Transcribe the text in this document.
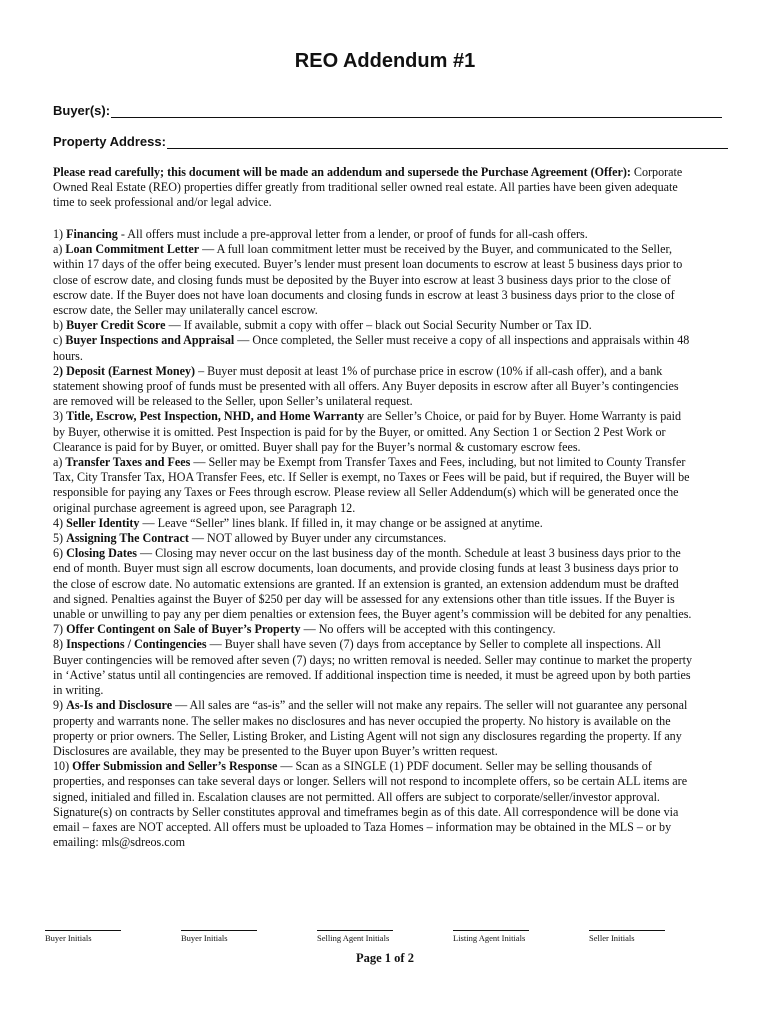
REO Addendum #1
Buyer(s):
Property Address:

Please read carefully; this document will be made an addendum and supersede the Purchase Agreement (Offer): Corporate Owned Real Estate (REO) properties differ greatly from traditional seller owned real estate. All parties have been given adequate time to seek professional and/or legal advice.

1) Financing - All offers must include a pre-approval letter from a lender, or proof of funds for all-cash offers.

a) Loan Commitment Letter — A full loan commitment letter must be received by the Buyer, and communicated to the Seller, within 17 days of the offer being executed. Buyer’s lender must present loan documents to escrow at least 5 business days prior to close of escrow date, and closing funds must be deposited by the Buyer into escrow at least 3 business days prior to the close of escrow date. If the Buyer does not have loan documents and closing funds in escrow at least 3 business days prior to the close of escrow date, the Seller may unilaterally cancel escrow.

b) Buyer Credit Score — If available, submit a copy with offer – black out Social Security Number or Tax ID.

c) Buyer Inspections and Appraisal — Once completed, the Seller must receive a copy of all inspections and appraisals within 48 hours.

2) Deposit (Earnest Money) – Buyer must deposit at least 1% of purchase price in escrow (10% if all-cash offer), and a bank statement showing proof of funds must be presented with all offers. Any Buyer deposits in escrow after all Buyer’s contingencies are removed will be released to the Seller, upon Seller’s unilateral request.

3) Title, Escrow, Pest Inspection, NHD, and Home Warranty are Seller’s Choice, or paid for by Buyer. Home Warranty is paid by Buyer, otherwise it is omitted. Pest Inspection is paid for by the Buyer, or omitted. Any Section 1 or Section 2 Pest Work or Clearance is paid for by Buyer, or omitted. Buyer shall pay for the Buyer’s normal & customary escrow fees.

a) Transfer Taxes and Fees — Seller may be Exempt from Transfer Taxes and Fees, including, but not limited to County Transfer Tax, City Transfer Tax, HOA Transfer Fees, etc. If Seller is exempt, no Taxes or Fees will be paid, but if required, the Buyer will be responsible for paying any Taxes or Fees through escrow. Please review all Seller Addendum(s) which will be generated once the original purchase agreement is agreed upon, see Paragraph 12.

4) Seller Identity — Leave “Seller” lines blank. If filled in, it may change or be assigned at anytime.

5) Assigning The Contract — NOT allowed by Buyer under any circumstances.

6) Closing Dates — Closing may never occur on the last business day of the month. Schedule at least 3 business days prior to the end of month. Buyer must sign all escrow documents, loan documents, and provide closing funds at least 3 business days prior to the close of escrow date. No automatic extensions are granted. If an extension is granted, an extension addendum must be drafted and signed. Penalties against the Buyer of $250 per day will be assessed for any extensions other than title issues. If the Buyer is unable or unwilling to pay any per diem penalties or extension fees, the Buyer agent’s commission will be debited for any penalties.

7) Offer Contingent on Sale of Buyer’s Property — No offers will be accepted with this contingency.

8) Inspections / Contingencies — Buyer shall have seven (7) days from acceptance by Seller to complete all inspections. All Buyer contingencies will be removed after seven (7) days; no written removal is needed. Seller may continue to market the property in ‘Active’ status until all contingencies are removed. If additional inspection time is needed, it must be agreed upon by both parties in writing.

9) As-Is and Disclosure — All sales are “as-is” and the seller will not make any repairs. The seller will not guarantee any personal property and warrants none. The seller makes no disclosures and has never occupied the property. No history is available on the property or prior owners. The Seller, Listing Broker, and Listing Agent will not sign any disclosures regarding the property. If any Disclosures are available, they may be presented to the Buyer upon Buyer’s written request.

10) Offer Submission and Seller’s Response — Scan as a SINGLE (1) PDF document. Seller may be selling thousands of properties, and responses can take several days or longer. Sellers will not respond to incomplete offers, so be certain ALL items are signed, initialed and filled in. Escalation clauses are not permitted. All offers are subject to corporate/seller/investor approval. Signature(s) on contracts by Seller constitutes approval and timeframes begin as of this date. All correspondence will be done via email – faxes are NOT accepted. All offers must be uploaded to Taza Homes – information may be obtained in the MLS – or by emailing: mls@sdreos.com

Buyer Initials	Buyer Initials	Selling Agent Initials	Listing Agent Initials	Seller Initials
Page 1 of 2
